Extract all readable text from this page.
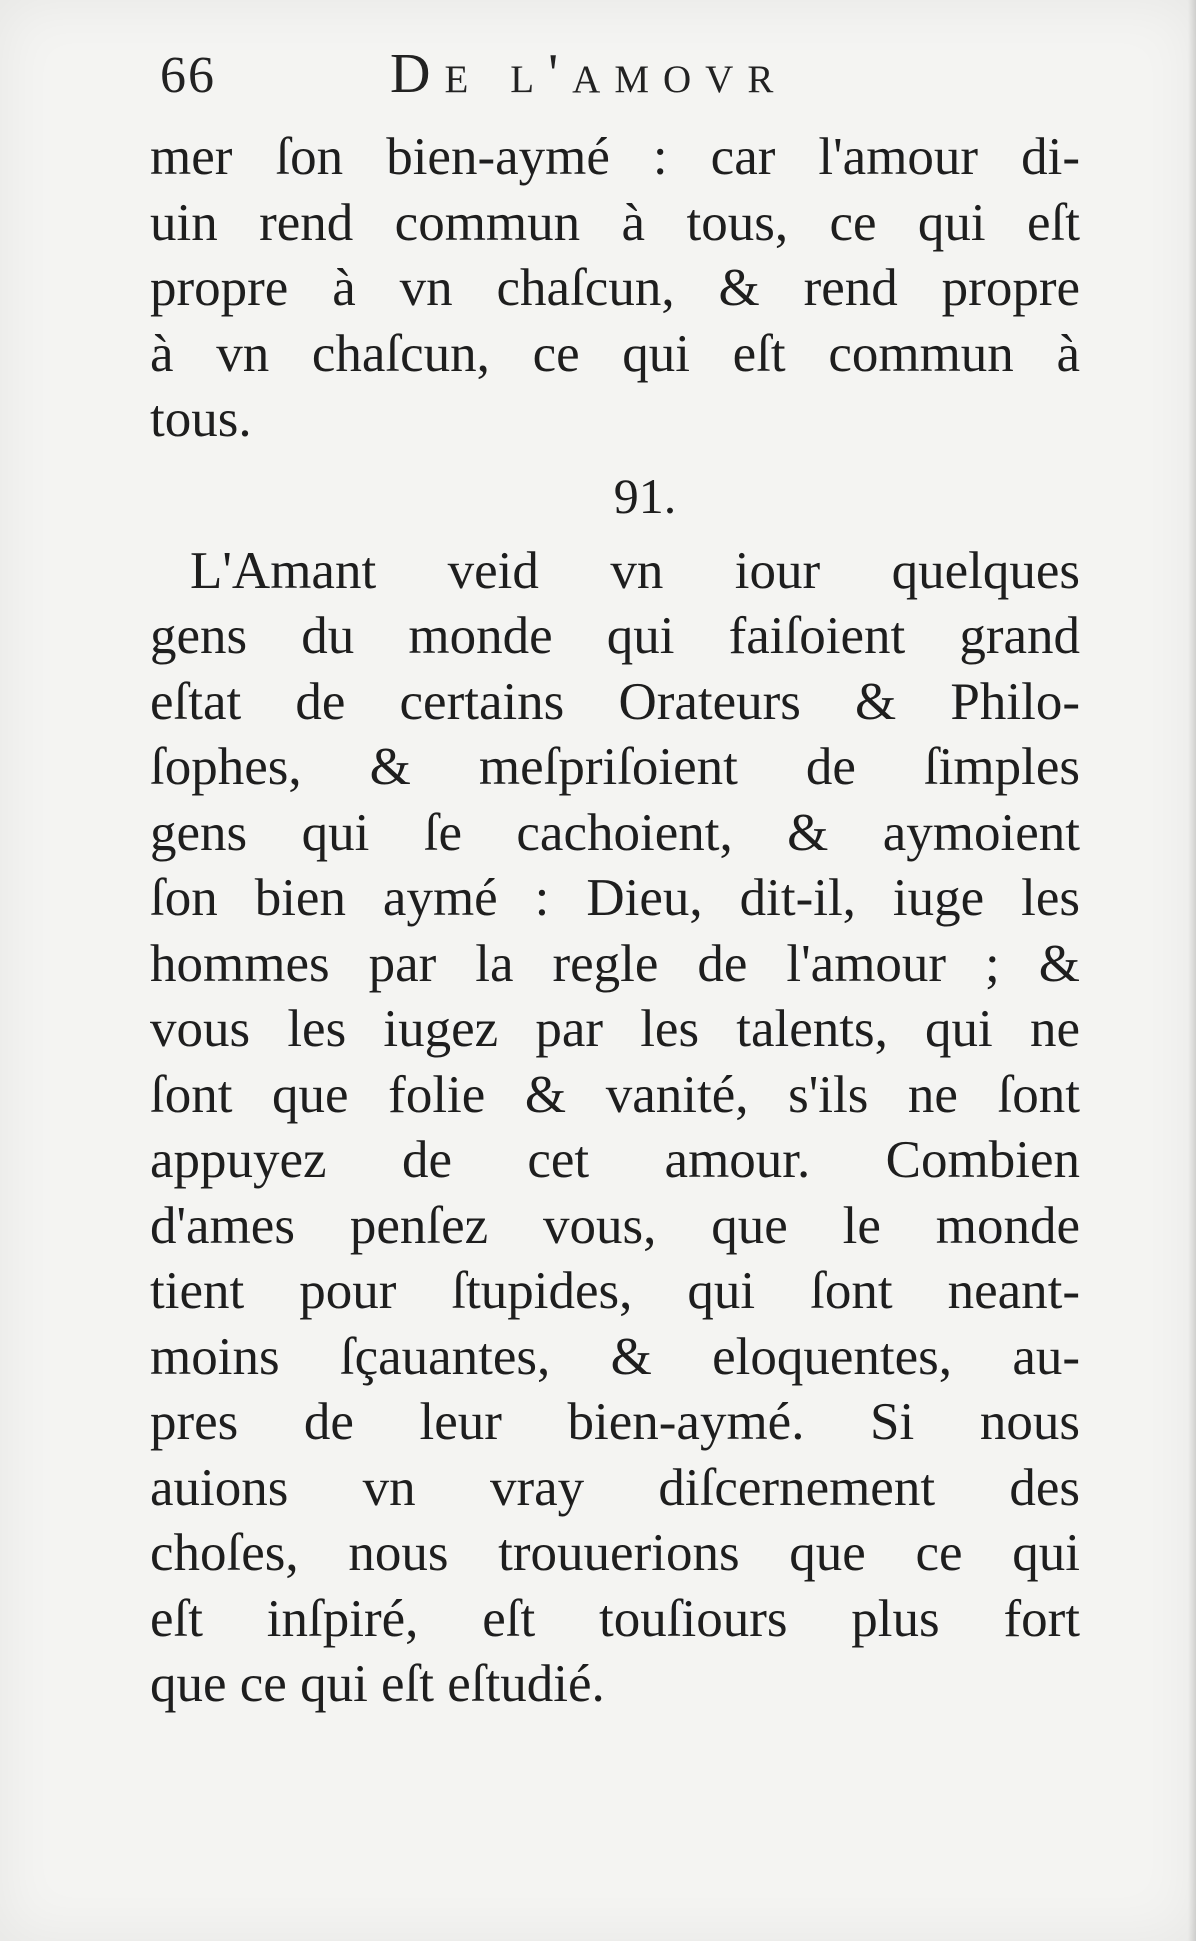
66	De l'amovr
mer ſon bien-aymé : car l'amour di-
uin rend commun à tous, ce qui eſt
propre à vn chaſcun, & rend propre
à vn chaſcun, ce qui eſt commun à
tous.
91.
L'Amant veid vn iour quelques
gens du monde qui faiſoient grand
eſtat de certains Orateurs & Philo-
ſophes, & meſpriſoient de ſimples
gens qui ſe cachoient, & aymoient
ſon bien aymé : Dieu, dit-il, iuge les
hommes par la regle de l'amour ; &
vous les iugez par les talents, qui ne
ſont que folie & vanité, s'ils ne ſont
appuyez de cet amour. Combien
d'ames penſez vous, que le monde
tient pour ſtupides, qui ſont neant-
moins ſçauantes, & eloquentes, au-
pres de leur bien-aymé. Si nous
auions vn vray diſcernement des
choſes, nous trouuerions que ce qui
eſt inſpiré, eſt touſiours plus fort
que ce qui eſt eſtudié.
